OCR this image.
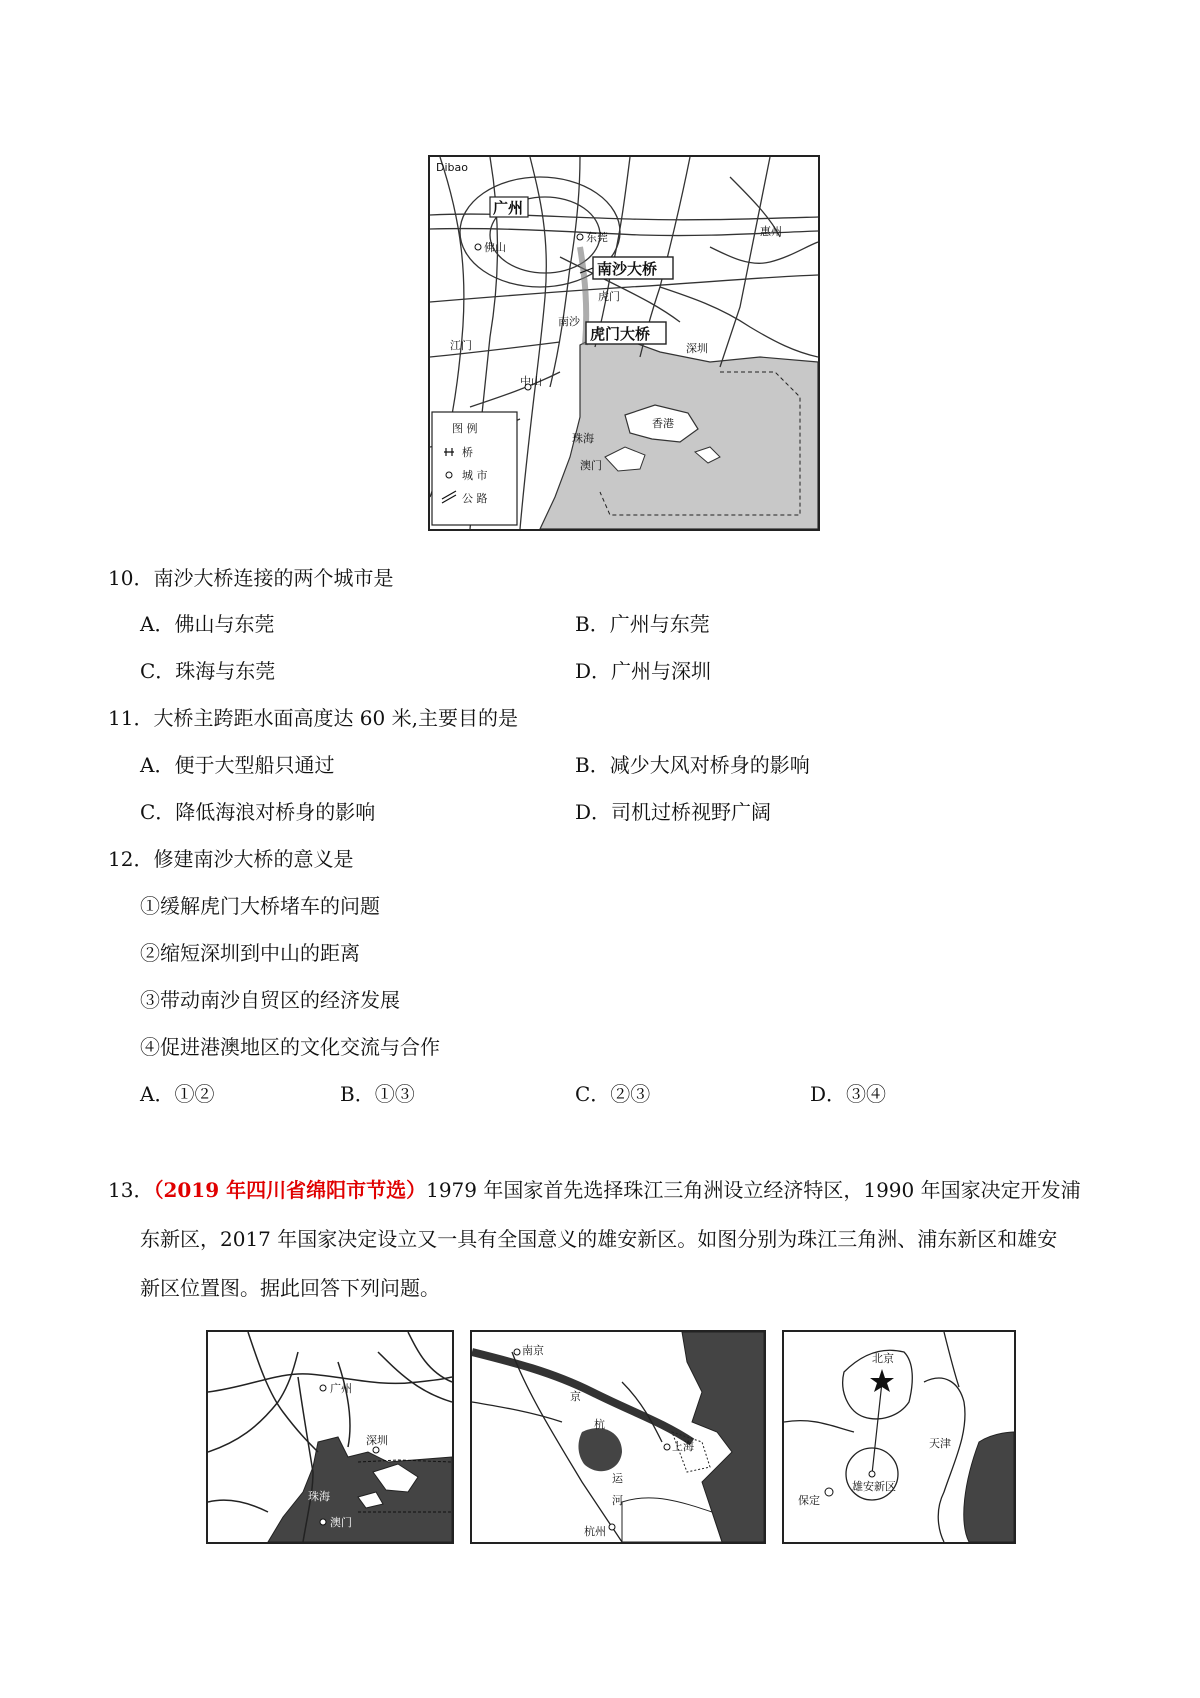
Dibao
广州
佛山
东莞	惠州
南沙大桥
虎门
南沙
虎门大桥
江门	深圳
中山
香港
珠海
澳门
图 例
桥
城 市
公 路
10．南沙大桥连接的两个城市是
A．佛山与东莞	B．广州与东莞
C．珠海与东莞	D．广州与深圳
11．大桥主跨距水面高度达 60 米,主要目的是
A．便于大型船只通过	B．减少大风对桥身的影响
C．降低海浪对桥身的影响	D．司机过桥视野广阔
12．修建南沙大桥的意义是
①缓解虎门大桥堵车的问题
②缩短深圳到中山的距离
③带动南沙自贸区的经济发展
④促进港澳地区的文化交流与合作
A．①②	B．①③	C．②③	D．③④
13．（2019 年四川省绵阳市节选）1979 年国家首先选择珠江三角洲设立经济特区，1990 年国家决定开发浦
东新区，2017 年国家决定设立又一具有全国意义的雄安新区。如图分别为珠江三角洲、浦东新区和雄安
新区位置图。据此回答下列问题。
广州
深圳
珠海
澳门
南京
京
杭
运
河
上海
杭州
北京
天津
保定
雄安新区
